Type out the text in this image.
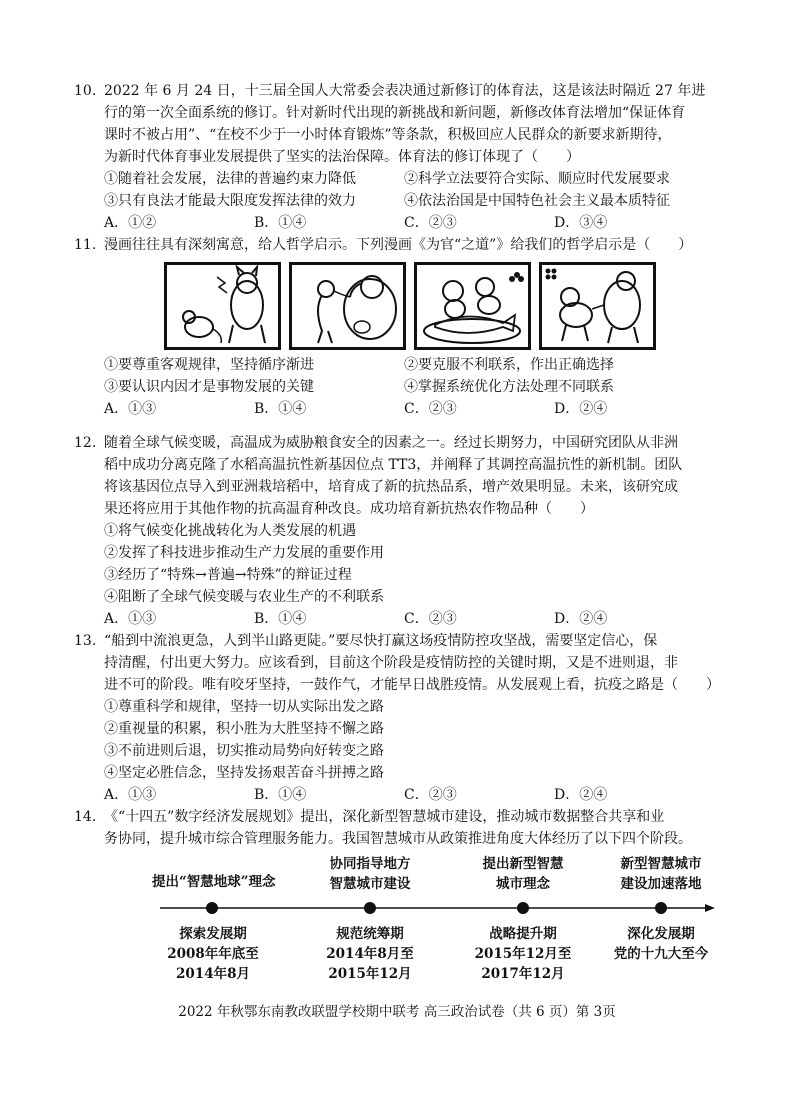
10. 2022 年 6 月 24 日，十三届全国人大常委会表决通过新修订的体育法，这是该法时隔近 27 年进
行的第一次全面系统的修订。针对新时代出现的新挑战和新问题，新修改体育法增加“保证体育
课时不被占用”、“在校不少于一小时体育锻炼”等条款，积极回应人民群众的新要求新期待，
为新时代体育事业发展提供了坚实的法治保障。体育法的修订体现了（　　）
①随着社会发展，法律的普遍约束力降低	②科学立法要符合实际、顺应时代发展要求
③只有良法才能最大限度发挥法律的效力	④依法治国是中国特色社会主义最本质特征
A．①②	B．①④	C．②③	D．③④
11. 漫画往往具有深刻寓意，给人哲学启示。下列漫画《为官“之道”》给我们的哲学启示是（　　）
①要尊重客观规律，坚持循序渐进	②要克服不利联系，作出正确选择
③要认识内因才是事物发展的关键	④掌握系统优化方法处理不同联系
A．①③	B．①④	C．②③	D．②④
12. 随着全球气候变暖，高温成为威胁粮食安全的因素之一。经过长期努力，中国研究团队从非洲
稻中成功分离克隆了水稻高温抗性新基因位点 TT3，并阐释了其调控高温抗性的新机制。团队
将该基因位点导入到亚洲栽培稻中，培育成了新的抗热品系，增产效果明显。未来，该研究成
果还将应用于其他作物的抗高温育种改良。成功培育新抗热农作物品种（　　）
①将气候变化挑战转化为人类发展的机遇
②发挥了科技进步推动生产力发展的重要作用
③经历了“特殊→普遍→特殊”的辩证过程
④阻断了全球气候变暖与农业生产的不利联系
A．①③	B．①④	C．②③	D．②④
13. “船到中流浪更急，人到半山路更陡。”要尽快打赢这场疫情防控攻坚战，需要坚定信心，保
持清醒，付出更大努力。应该看到，目前这个阶段是疫情防控的关键时期，又是不进则退，非
进不可的阶段。唯有咬牙坚持，一鼓作气，才能早日战胜疫情。从发展观上看，抗疫之路是（　　）
①尊重科学和规律，坚持一切从实际出发之路
②重视量的积累，积小胜为大胜坚持不懈之路
③不前进则后退，切实推动局势向好转变之路
④坚定必胜信念，坚持发扬艰苦奋斗拼搏之路
A．①③	B．①④	C．②③	D．②④
14. 《“十四五”数字经济发展规划》提出，深化新型智慧城市建设，推动城市数据整合共享和业
务协同，提升城市综合管理服务能力。我国智慧城市从政策推进角度大体经历了以下四个阶段。
提出“智慧地球”理念
协同指导地方
智慧城市建设
提出新型智慧
城市理念
新型智慧城市
建设加速落地
探索发展期
2008年年底至
2014年8月
规范统筹期
2014年8月至
2015年12月
战略提升期
2015年12月至
2017年12月
深化发展期
党的十九大至今
2022 年秋鄂东南教改联盟学校期中联考 高三政治试卷（共 6 页）第 3页
